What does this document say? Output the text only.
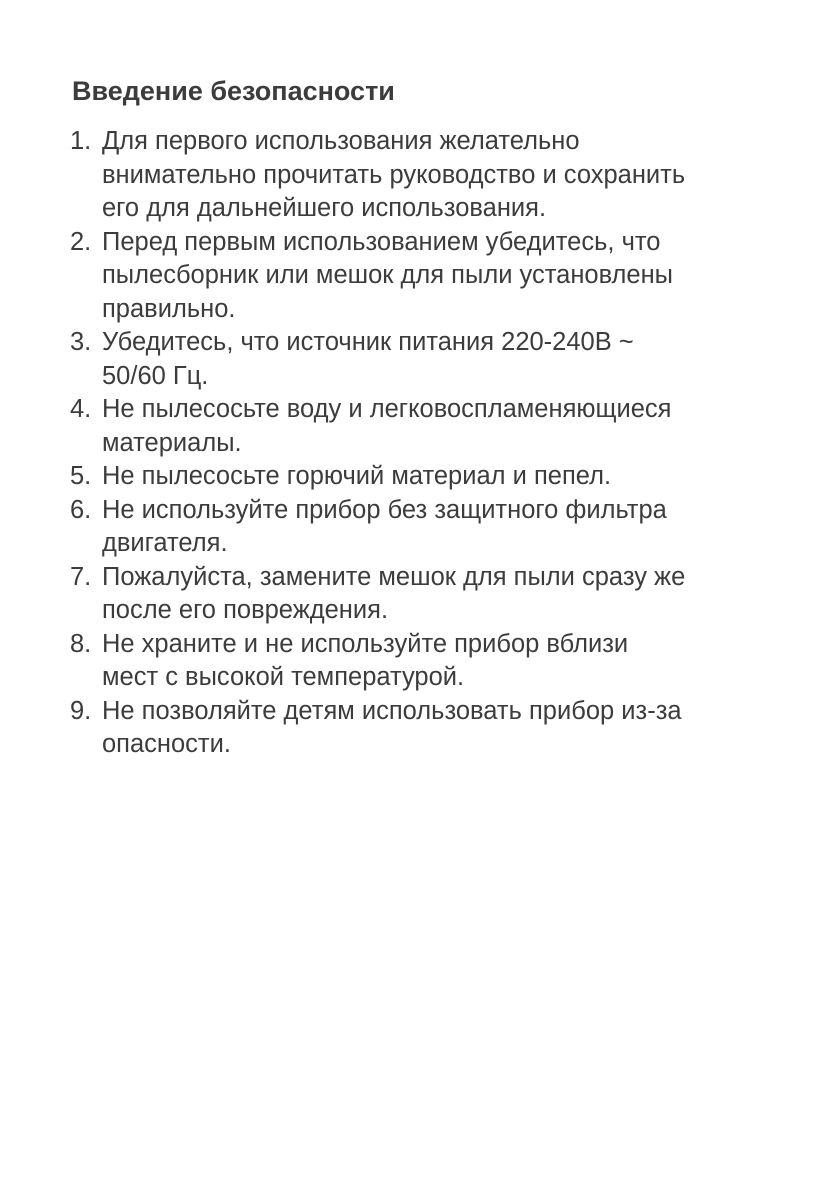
Введение безопасности
1. Для первого использования желательно
внимательно прочитать руководство и сохранить
его для дальнейшего использования.
2. Перед первым использованием убедитесь, что
пылесборник или мешок для пыли установлены
правильно.
3. Убедитесь, что источник питания 220-240В ~
50/60 Гц.
4. Не пылесосьте воду и легковоспламеняющиеся
материалы.
5. Не пылесосьте горючий материал и пепел.
6. Не используйте прибор без защитного фильтра
двигателя.
7. Пожалуйста, замените мешок для пыли сразу же
после его повреждения.
8. Не храните и не используйте прибор вблизи
мест с высокой температурой.
9. Не позволяйте детям использовать прибор из-за
опасности.
